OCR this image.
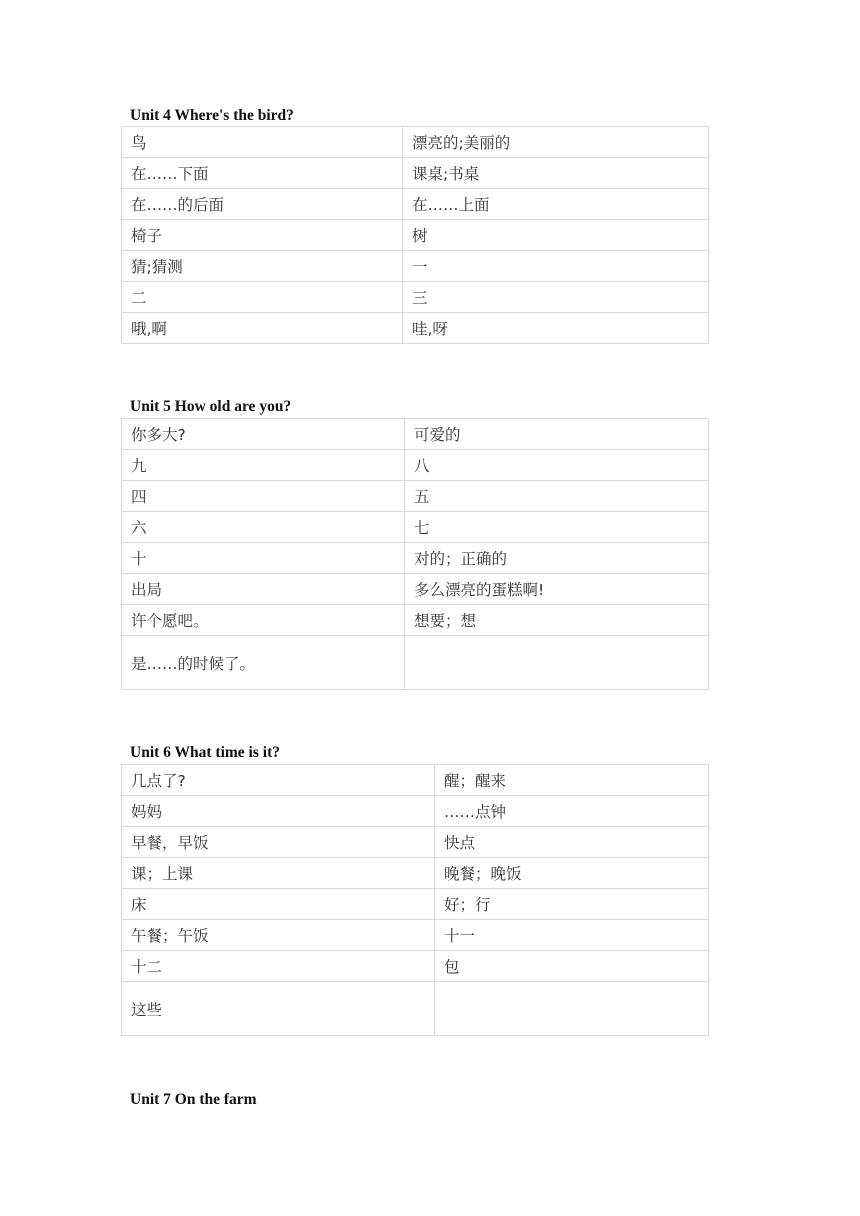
Unit 4 Where's the bird?
鸟	漂亮的;美丽的
在……下面	课桌;书桌
在……的后面	在……上面
椅子	树
猜;猜测	一
二	三
哦,啊	哇,呀
Unit 5 How old are you?
你多大?	可爱的
九	八
四	五
六	七
十	对的；正确的
出局	多么漂亮的蛋糕啊!
许个愿吧。	想要；想
是……的时候了。	
Unit 6 What time is it?
几点了?	醒；醒来
妈妈	……点钟
早餐，早饭	快点
课；上课	晚餐；晚饭
床	好；行
午餐；午饭	十一
十二	包
这些	
Unit 7 On the farm
